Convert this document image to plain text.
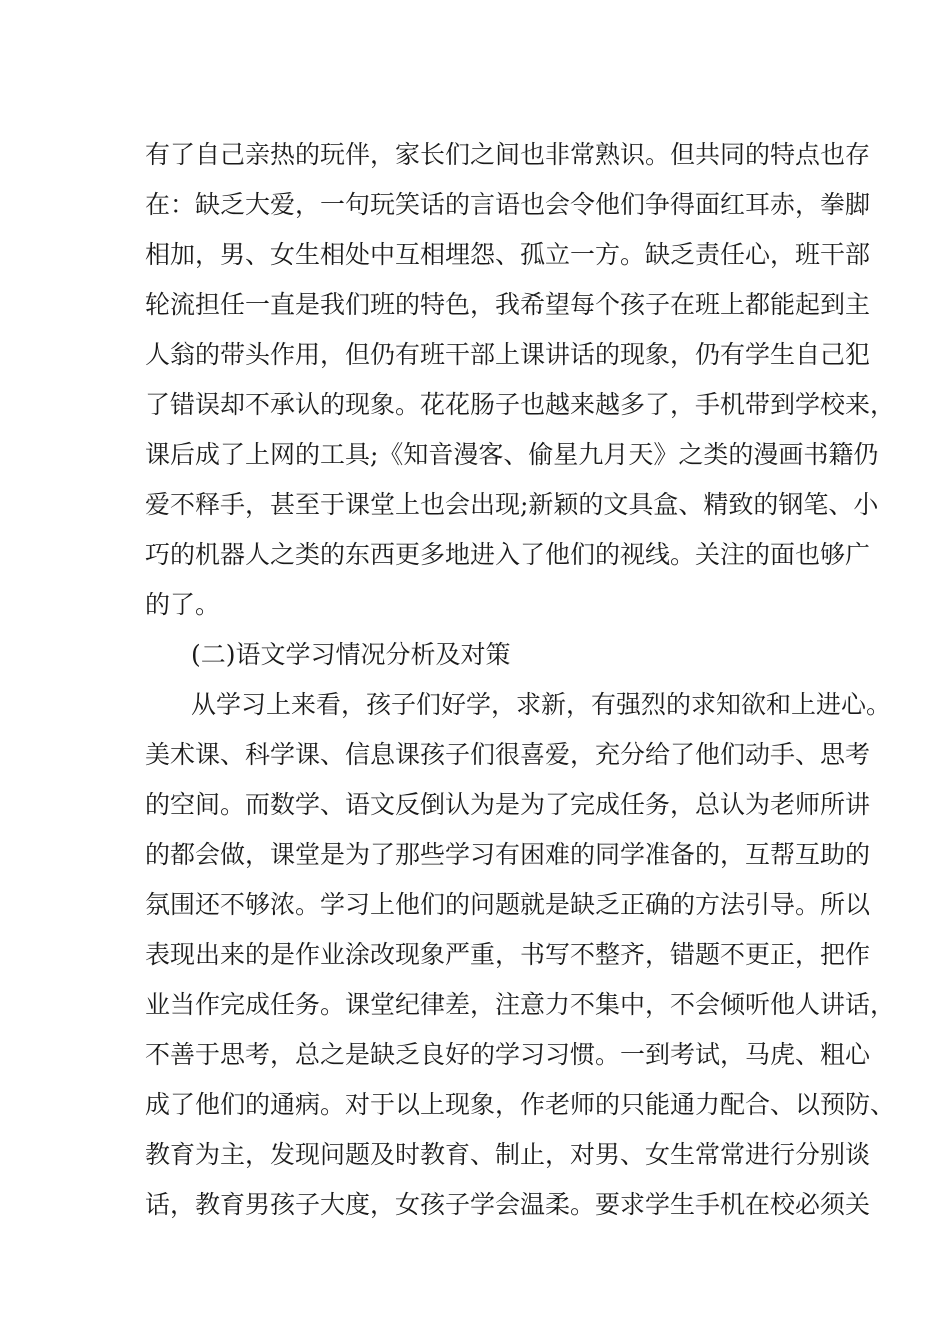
有了自己亲热的玩伴，家长们之间也非常熟识。但共同的特点也存
在：缺乏大爱，一句玩笑话的言语也会令他们争得面红耳赤，拳脚
相加，男、女生相处中互相埋怨、孤立一方。缺乏责任心，班干部
轮流担任一直是我们班的特色，我希望每个孩子在班上都能起到主
人翁的带头作用，但仍有班干部上课讲话的现象，仍有学生自己犯
了错误却不承认的现象。花花肠子也越来越多了，手机带到学校来，
课后成了上网的工具;《知音漫客、偷星九月天》之类的漫画书籍仍
爱不释手，甚至于课堂上也会出现;新颖的文具盒、精致的钢笔、小
巧的机器人之类的东西更多地进入了他们的视线。关注的面也够广
的了。
(二)语文学习情况分析及对策
从学习上来看，孩子们好学，求新，有强烈的求知欲和上进心。
美术课、科学课、信息课孩子们很喜爱，充分给了他们动手、思考
的空间。而数学、语文反倒认为是为了完成任务，总认为老师所讲
的都会做，课堂是为了那些学习有困难的同学准备的，互帮互助的
氛围还不够浓。学习上他们的问题就是缺乏正确的方法引导。所以
表现出来的是作业涂改现象严重，书写不整齐，错题不更正，把作
业当作完成任务。课堂纪律差，注意力不集中，不会倾听他人讲话，
不善于思考，总之是缺乏良好的学习习惯。一到考试，马虎、粗心
成了他们的通病。对于以上现象，作老师的只能通力配合、以预防、
教育为主，发现问题及时教育、制止，对男、女生常常进行分别谈
话，教育男孩子大度，女孩子学会温柔。要求学生手机在校必须关
